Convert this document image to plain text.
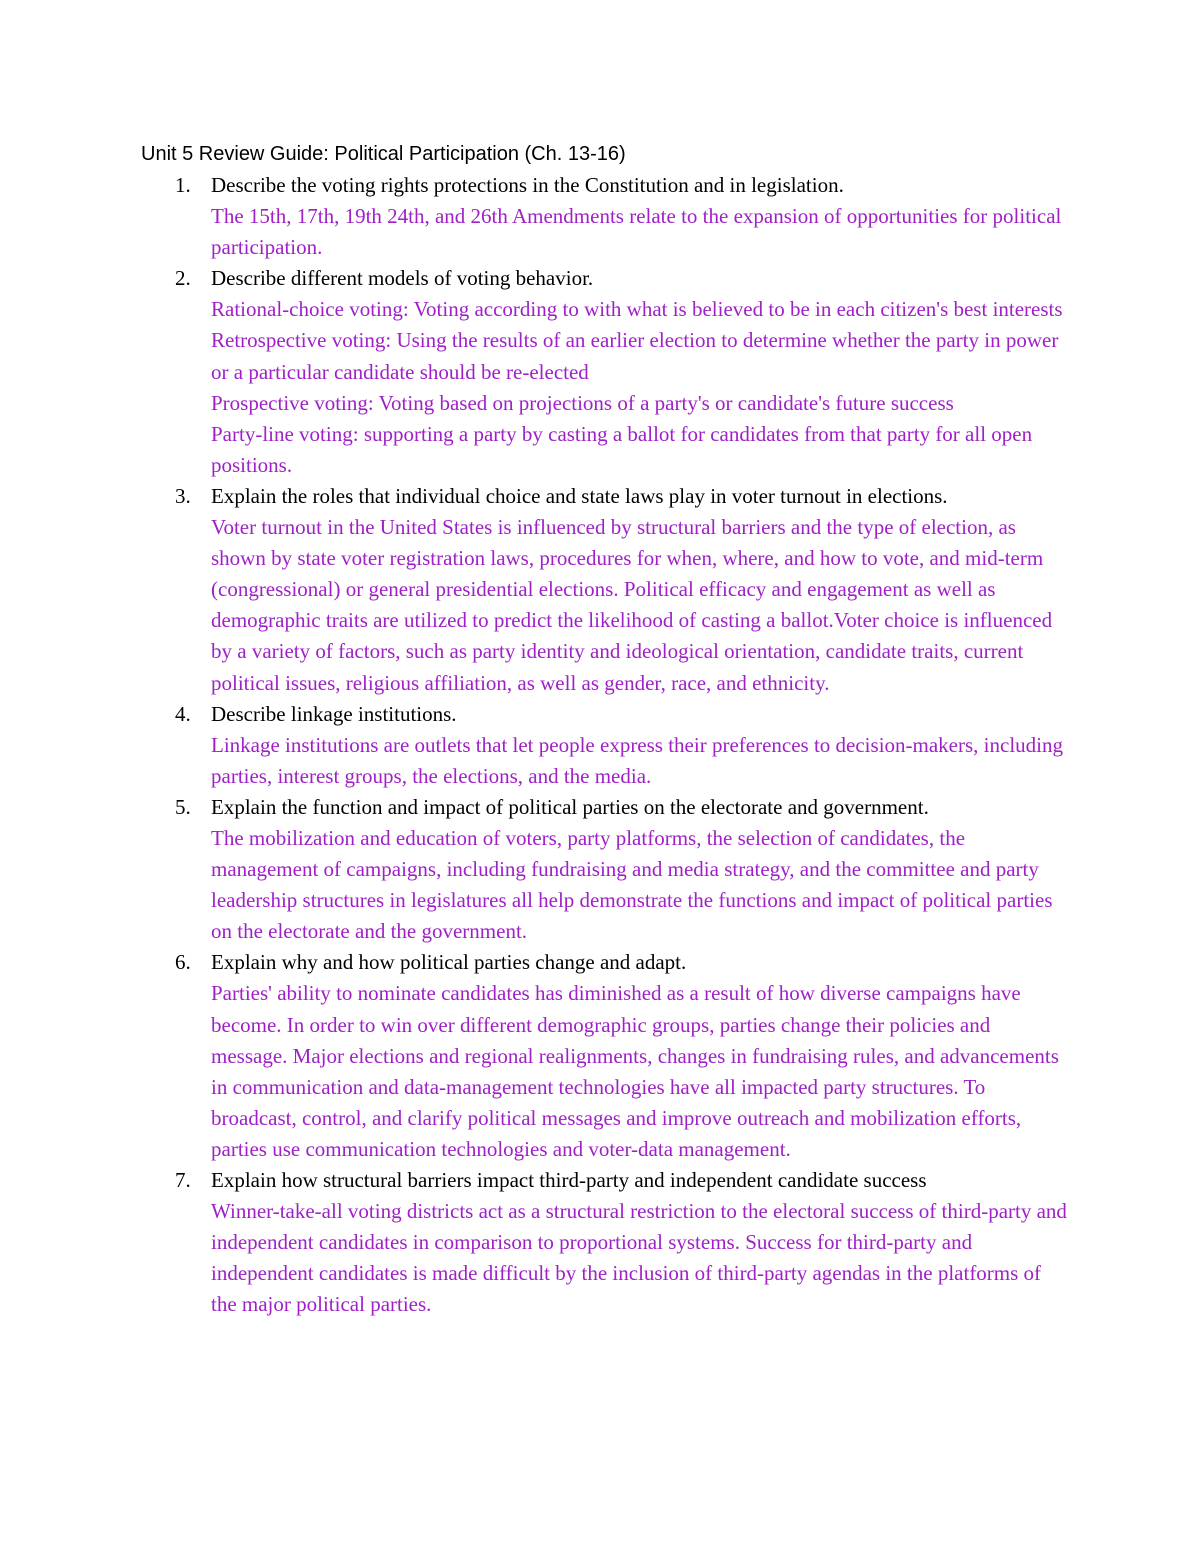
Unit 5 Review Guide: Political Participation (Ch. 13-16)
1. Describe the voting rights protections in the Constitution and in legislation.
The 15th, 17th, 19th 24th, and 26th Amendments relate to the expansion of opportunities for political participation.
2. Describe different models of voting behavior.
Rational-choice voting: Voting according to with what is believed to be in each citizen's best interests
Retrospective voting: Using the results of an earlier election to determine whether the party in power or a particular candidate should be re-elected
Prospective voting: Voting based on projections of a party's or candidate's future success
Party-line voting: supporting a party by casting a ballot for candidates from that party for all open positions.
3. Explain the roles that individual choice and state laws play in voter turnout in elections.
Voter turnout in the United States is influenced by structural barriers and the type of election, as shown by state voter registration laws, procedures for when, where, and how to vote, and mid-term (congressional) or general presidential elections. Political efficacy and engagement as well as demographic traits are utilized to predict the likelihood of casting a ballot.Voter choice is influenced by a variety of factors, such as party identity and ideological orientation, candidate traits, current political issues, religious affiliation, as well as gender, race, and ethnicity.
4. Describe linkage institutions.
Linkage institutions are outlets that let people express their preferences to decision-makers, including parties, interest groups, the elections, and the media.
5. Explain the function and impact of political parties on the electorate and government.
The mobilization and education of voters, party platforms, the selection of candidates, the management of campaigns, including fundraising and media strategy, and the committee and party leadership structures in legislatures all help demonstrate the functions and impact of political parties on the electorate and the government.
6. Explain why and how political parties change and adapt.
Parties' ability to nominate candidates has diminished as a result of how diverse campaigns have become. In order to win over different demographic groups, parties change their policies and message. Major elections and regional realignments, changes in fundraising rules, and advancements in communication and data-management technologies have all impacted party structures. To broadcast, control, and clarify political messages and improve outreach and mobilization efforts, parties use communication technologies and voter-data management.
7. Explain how structural barriers impact third-party and independent candidate success
Winner-take-all voting districts act as a structural restriction to the electoral success of third-party and independent candidates in comparison to proportional systems. Success for third-party and independent candidates is made difficult by the inclusion of third-party agendas in the platforms of the major political parties.
